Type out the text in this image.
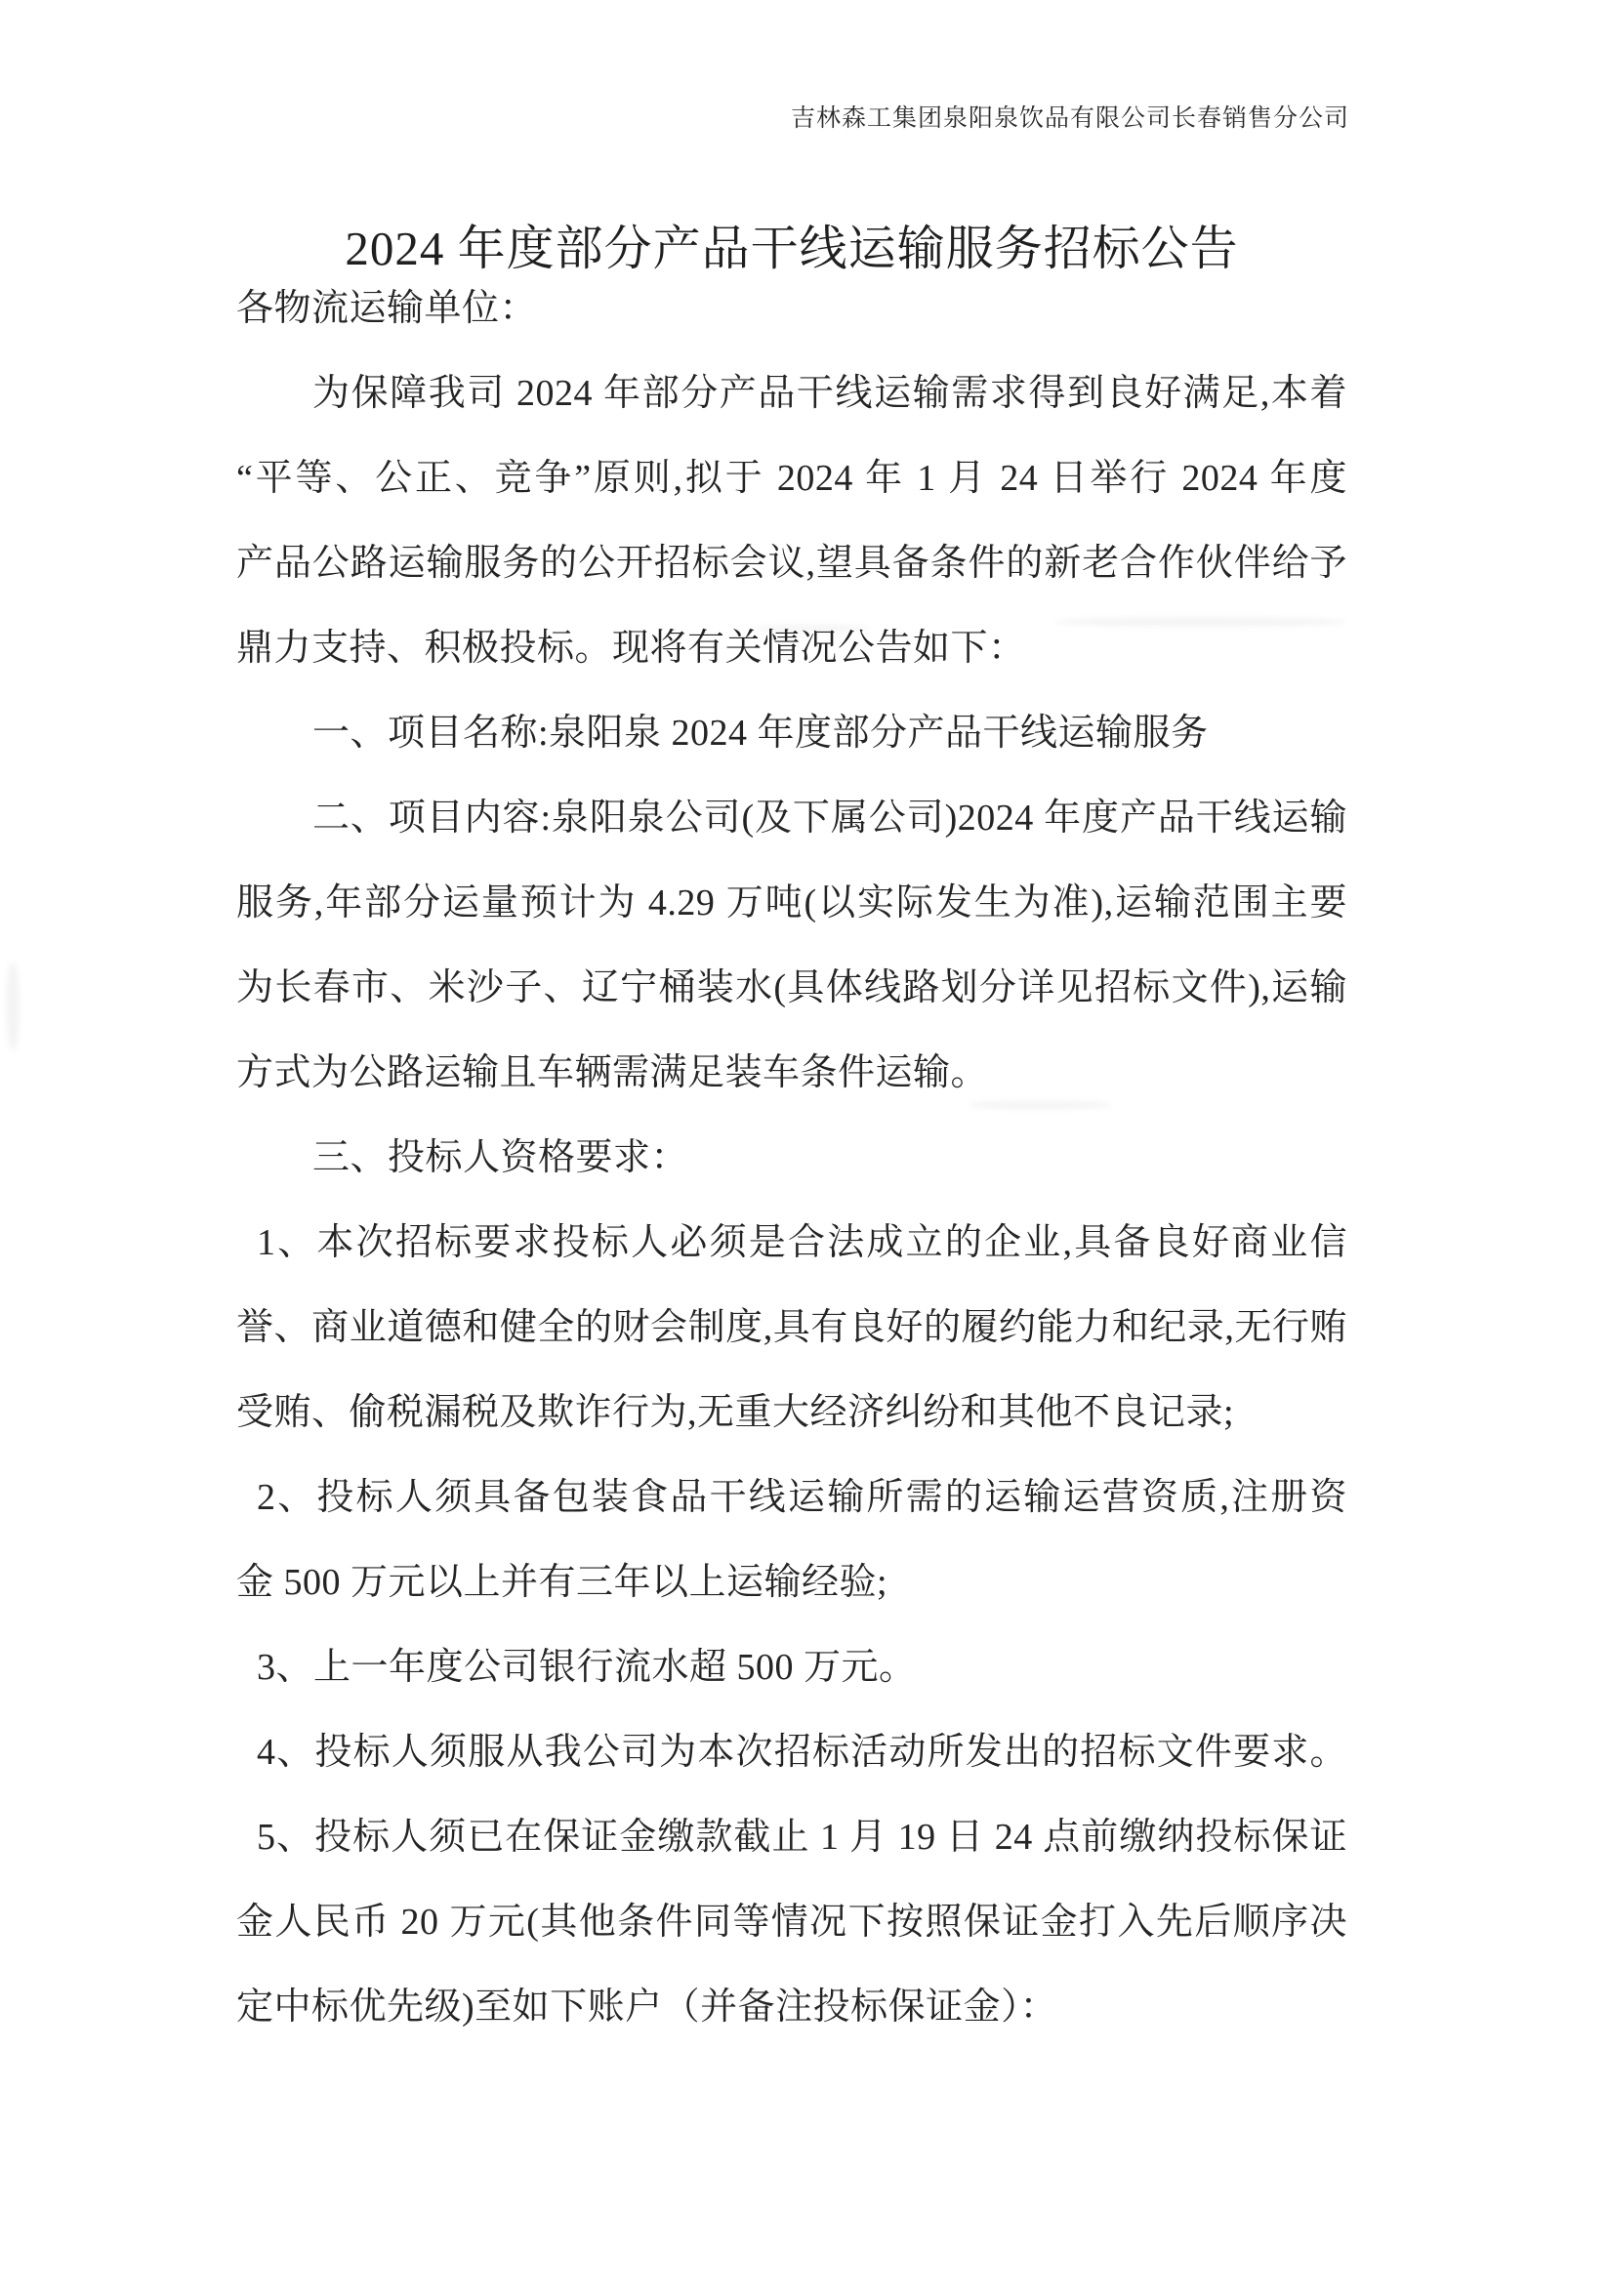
吉林森工集团泉阳泉饮品有限公司长春销售分公司
2024 年度部分产品干线运输服务招标公告
各物流运输单位：
为保障我司 2024 年部分产品干线运输需求得到良好满足,本着
“平等、公正、竞争”原则,拟于 2024 年 1 月 24 日举行 2024 年度
产品公路运输服务的公开招标会议,望具备条件的新老合作伙伴给予
鼎力支持、积极投标。现将有关情况公告如下：
一、项目名称:泉阳泉 2024 年度部分产品干线运输服务
二、项目内容:泉阳泉公司(及下属公司)2024 年度产品干线运输
服务,年部分运量预计为 4.29 万吨(以实际发生为准),运输范围主要
为长春市、米沙子、辽宁桶装水(具体线路划分详见招标文件),运输
方式为公路运输且车辆需满足装车条件运输。
三、投标人资格要求：
1、本次招标要求投标人必须是合法成立的企业,具备良好商业信
誉、商业道德和健全的财会制度,具有良好的履约能力和纪录,无行贿
受贿、偷税漏税及欺诈行为,无重大经济纠纷和其他不良记录;
2、投标人须具备包装食品干线运输所需的运输运营资质,注册资
金 500 万元以上并有三年以上运输经验;
3、上一年度公司银行流水超 500 万元。
4、投标人须服从我公司为本次招标活动所发出的招标文件要求。
5、投标人须已在保证金缴款截止 1 月 19 日 24 点前缴纳投标保证
金人民币 20 万元(其他条件同等情况下按照保证金打入先后顺序决
定中标优先级)至如下账户（并备注投标保证金）：
